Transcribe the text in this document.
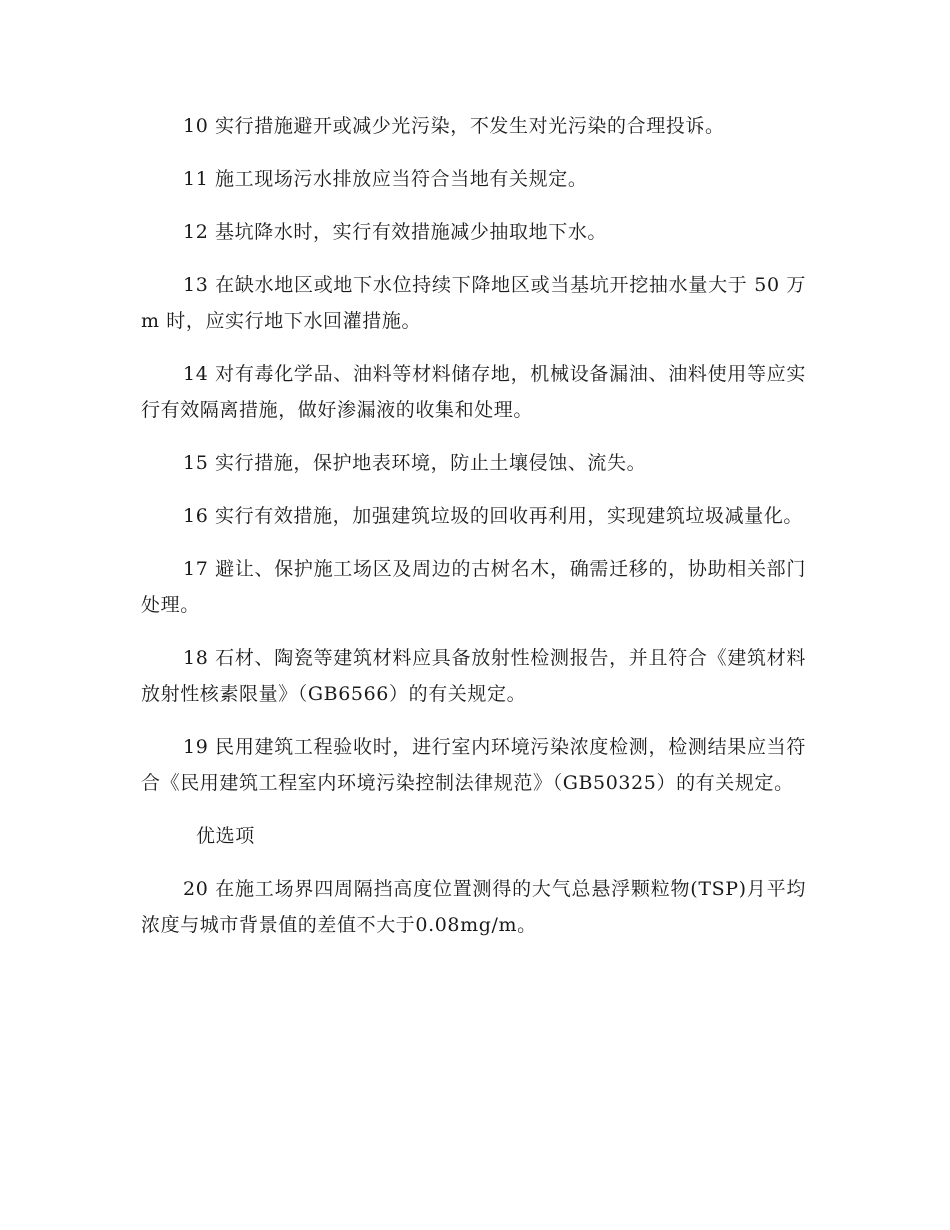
10 实行措施避开或减少光污染，不发生对光污染的合理投诉。

11 施工现场污水排放应当符合当地有关规定。

12 基坑降水时，实行有效措施减少抽取地下水。

13 在缺水地区或地下水位持续下降地区或当基坑开挖抽水量大于 50 万m 时，应实行地下水回灌措施。

14 对有毒化学品、油料等材料储存地，机械设备漏油、油料使用等应实行有效隔离措施，做好渗漏液的收集和处理。

15 实行措施，保护地表环境，防止土壤侵蚀、流失。

16 实行有效措施，加强建筑垃圾的回收再利用，实现建筑垃圾减量化。

17 避让、保护施工场区及周边的古树名木，确需迁移的，协助相关部门处理。

18 石材、陶瓷等建筑材料应具备放射性检测报告，并且符合《建筑材料放射性核素限量》（GB6566）的有关规定。

19 民用建筑工程验收时，进行室内环境污染浓度检测，检测结果应当符合《民用建筑工程室内环境污染控制法律规范》（GB50325）的有关规定。

优选项

20 在施工场界四周隔挡高度位置测得的大气总悬浮颗粒物(TSP)月平均浓度与城市背景值的差值不大于0.08mg/m。
